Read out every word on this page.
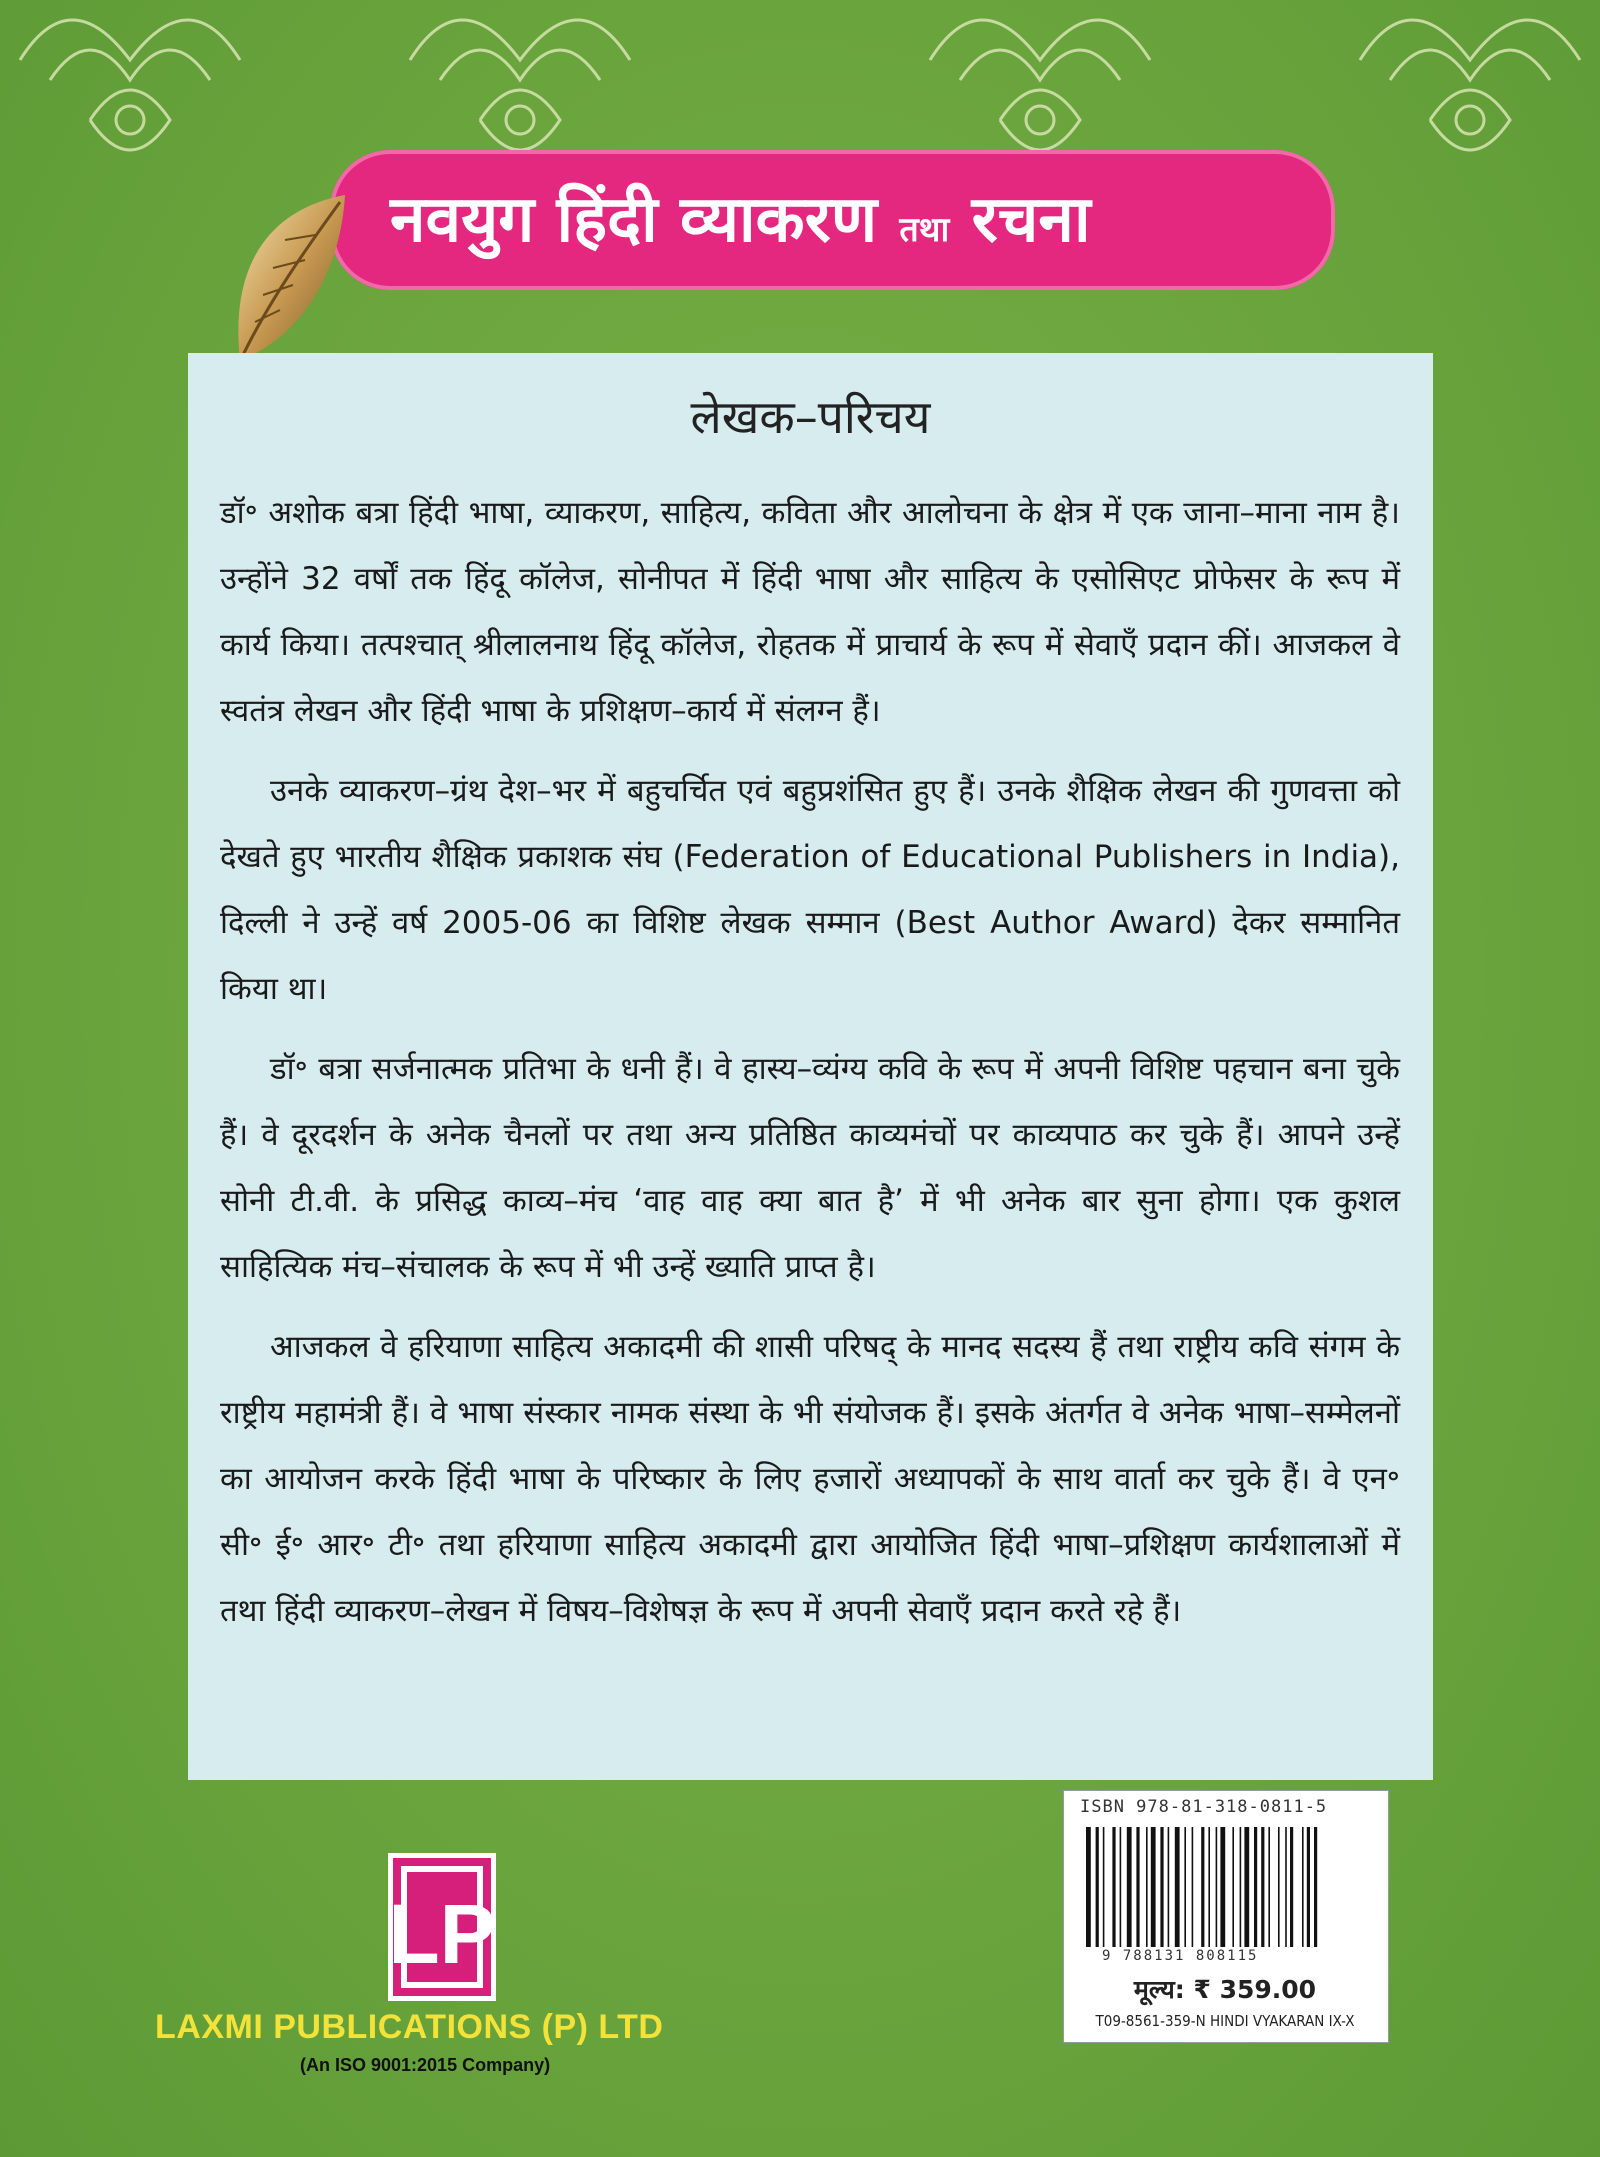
नवयुग हिंदी व्याकरण तथा रचना
लेखक–परिचय

डॉ॰ अशोक बत्रा हिंदी भाषा, व्याकरण, साहित्य, कविता और आलोचना के क्षेत्र में एक जाना–माना नाम है। उन्होंने 32 वर्षों तक हिंदू कॉलेज, सोनीपत में हिंदी भाषा और साहित्य के एसोसिएट प्रोफेसर के रूप में कार्य किया। तत्पश्चात् श्रीलालनाथ हिंदू कॉलेज, रोहतक में प्राचार्य के रूप में सेवाएँ प्रदान कीं। आजकल वे स्वतंत्र लेखन और हिंदी भाषा के प्रशिक्षण–कार्य में संलग्न हैं।

उनके व्याकरण–ग्रंथ देश–भर में बहुचर्चित एवं बहुप्रशंसित हुए हैं। उनके शैक्षिक लेखन की गुणवत्ता को देखते हुए भारतीय शैक्षिक प्रकाशक संघ (Federation of Educational Publishers in India), दिल्ली ने उन्हें वर्ष 2005-06 का विशिष्ट लेखक सम्मान (Best Author Award) देकर सम्मानित किया था।

डॉ॰ बत्रा सर्जनात्मक प्रतिभा के धनी हैं। वे हास्य–व्यंग्य कवि के रूप में अपनी विशिष्ट पहचान बना चुके हैं। वे दूरदर्शन के अनेक चैनलों पर तथा अन्य प्रतिष्ठित काव्यमंचों पर काव्यपाठ कर चुके हैं। आपने उन्हें सोनी टी.वी. के प्रसिद्ध काव्य–मंच ‘वाह वाह क्या बात है’ में भी अनेक बार सुना होगा। एक कुशल साहित्यिक मंच–संचालक के रूप में भी उन्हें ख्याति प्राप्त है।

आजकल वे हरियाणा साहित्य अकादमी की शासी परिषद् के मानद सदस्य हैं तथा राष्ट्रीय कवि संगम के राष्ट्रीय महामंत्री हैं। वे भाषा संस्कार नामक संस्था के भी संयोजक हैं। इसके अंतर्गत वे अनेक भाषा–सम्मेलनों का आयोजन करके हिंदी भाषा के परिष्कार के लिए हजारों अध्यापकों के साथ वार्ता कर चुके हैं। वे एन॰ सी॰ ई॰ आर॰ टी॰ तथा हरियाणा साहित्य अकादमी द्वारा आयोजित हिंदी भाषा–प्रशिक्षण कार्यशालाओं में तथा हिंदी व्याकरण–लेखन में विषय–विशेषज्ञ के रूप में अपनी सेवाएँ प्रदान करते रहे हैं।

ISBN 978-81-318-0811-5
9 788131 808115
मूल्य: ₹ 359.00
T09-8561-359-N HINDI VYAKARAN IX-X
LP
LAXMI PUBLICATIONS (P) LTD
(An ISO 9001:2015 Company)
